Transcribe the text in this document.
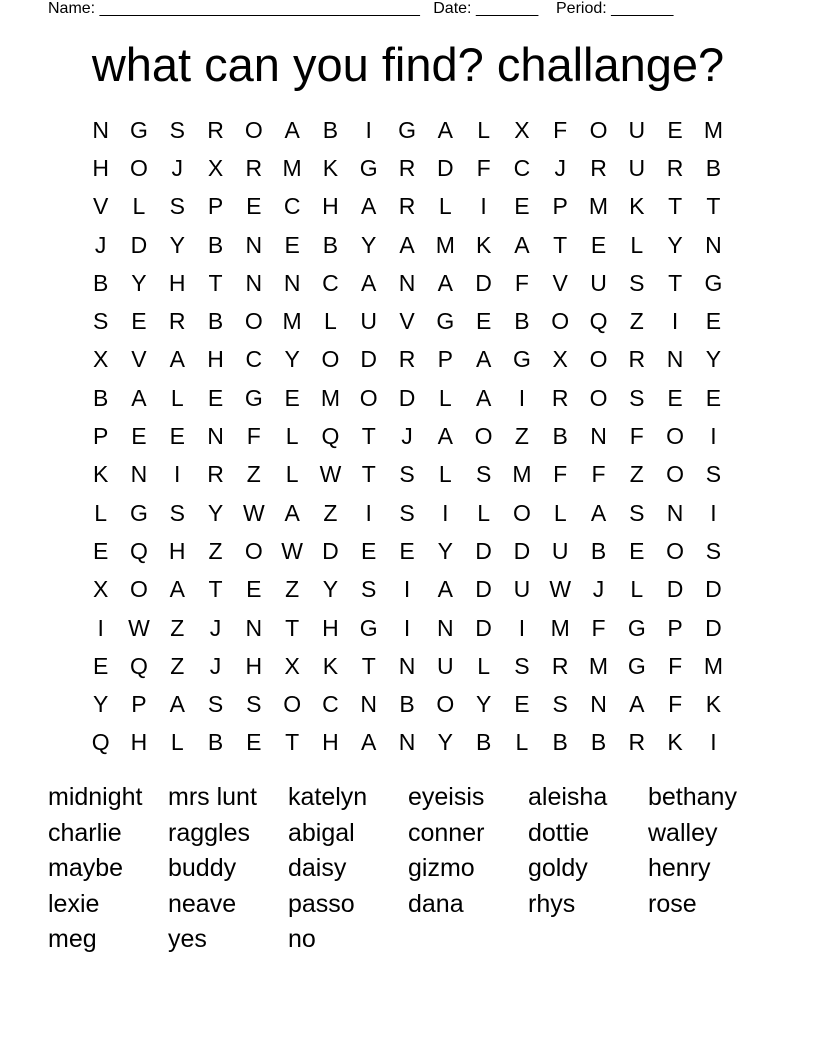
Name: ____________________________________   Date: _______    Period: _______
what can you find? challange?
N G S R O A B	I	G A	L	X	F O U E M
H O	J	X R M K G R D F C	J	R U R B
V	L	S P E C H A R	L	I	E P M K	T	T
J	D Y B N E B Y A M K A	T	E	L	Y N
B Y H T N N C A N A D F	V U S	T G
S E R B O M L	U V G E B O Q Z	I	E
X V A H C Y O D R P A G X O R N Y
B A	L	E G E M O D	L	A	I	R O S E E
P E E N F	L Q T	J	A O Z	B N F O	I
K N	I	R Z	L W T	S	L	S M F	F	Z O S
L G S Y W A	Z	I	S	I	L O L	A S N	I
E Q H Z O W D E E Y D D U B E O S
X O A	T	E	Z	Y S	I	A D U W J	L	D D
I	W Z	J	N T H G	I	N D	I	M F G P D
E Q Z	J	H X K	T N U	L	S R M G F M
Y P A S S O C N B O Y E S N A	F	K
Q H	L	B E	T H A N Y B	L	B B R K	I
midnight	mrs lunt	katelyn	eyeisis	aleisha	bethany
charlie	raggles	abigal	conner	dottie	walley
maybe	buddy	daisy	gizmo	goldy	henry
lexie	neave	passo	dana	rhys	rose
meg	yes	no
